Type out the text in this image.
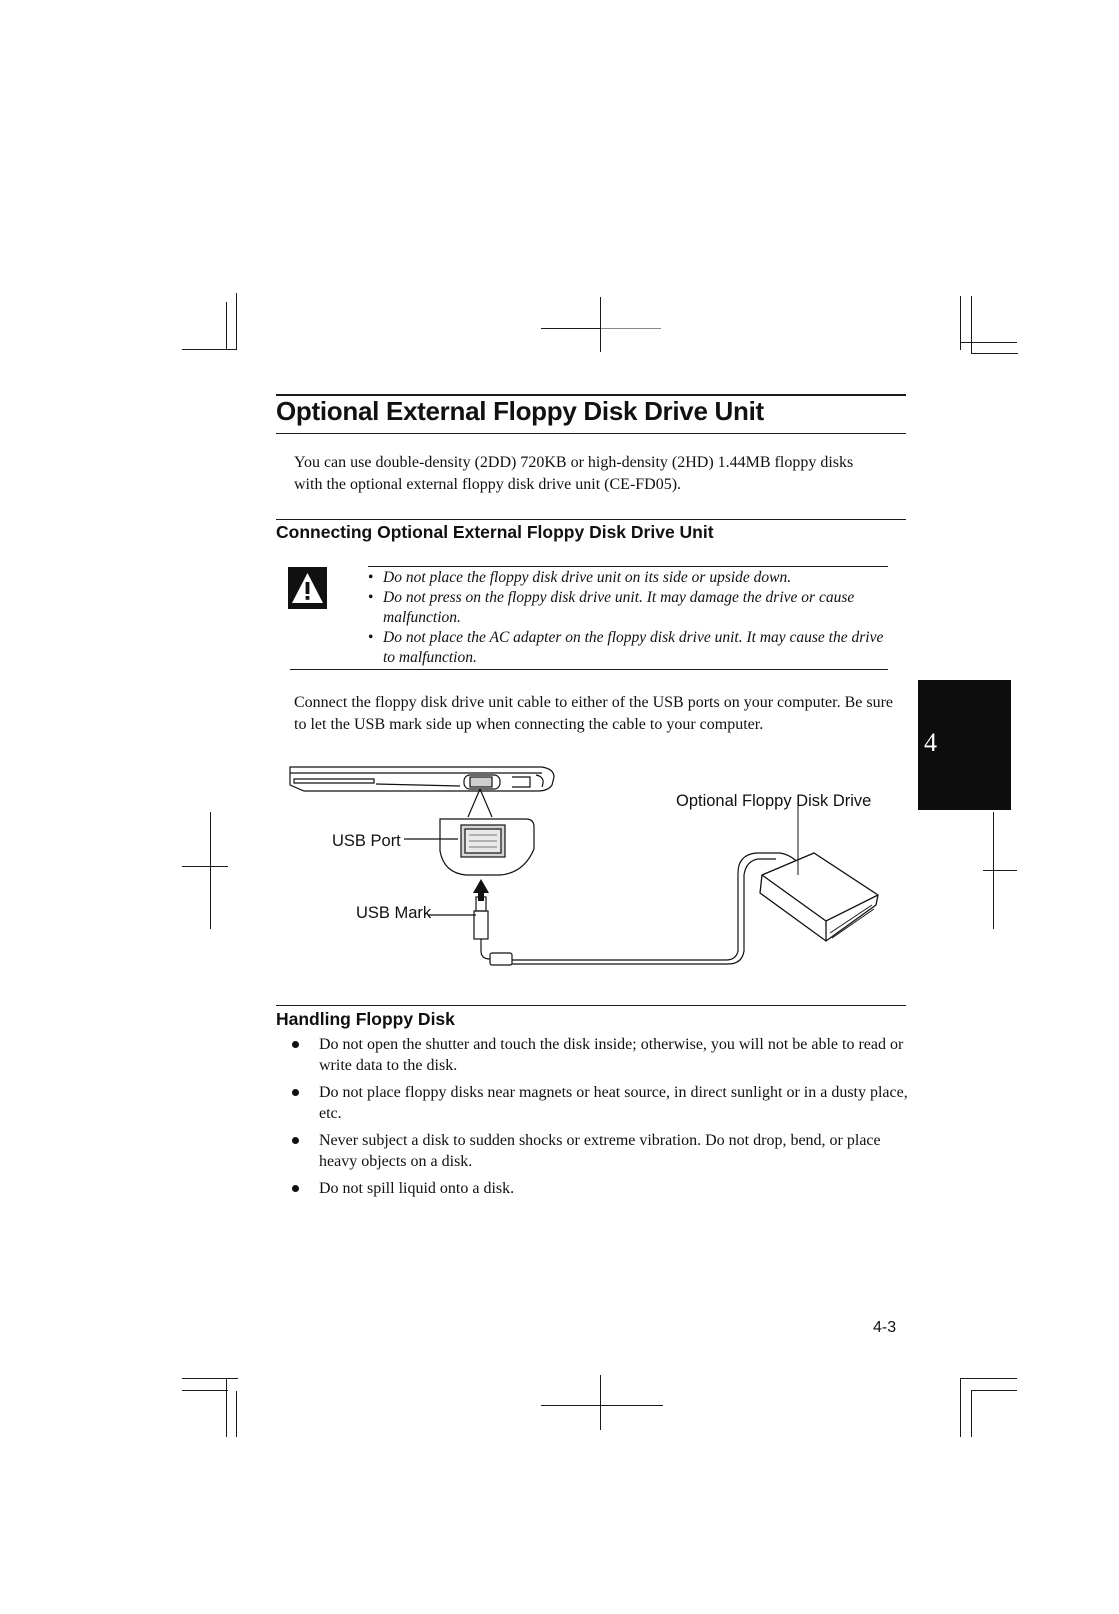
Optional External Floppy Disk Drive Unit
You can use double-density (2DD) 720KB or high-density (2HD) 1.44MB floppy disks with the optional external floppy disk drive unit (CE-FD05).
Connecting Optional External Floppy Disk Drive Unit
• Do not place the floppy disk drive unit on its side or upside down.
• Do not press on the floppy disk drive unit. It may damage the drive or cause malfunction.
• Do not place the AC adapter on the floppy disk drive unit. It may cause the drive to malfunction.
Connect the floppy disk drive unit cable to either of the USB ports on your computer. Be sure to let the USB mark side up when connecting the cable to your computer.
Optional Floppy Disk Drive
USB Port
USB Mark
Handling Floppy Disk
Do not open the shutter and touch the disk inside; otherwise, you will not be able to read or write data to the disk.
Do not place floppy disks near magnets or heat source, in direct sunlight or in a dusty place, etc.
Never subject a disk to sudden shocks or extreme vibration. Do not drop, bend, or place heavy objects on a disk.
Do not spill liquid onto a disk.
4
4-3
